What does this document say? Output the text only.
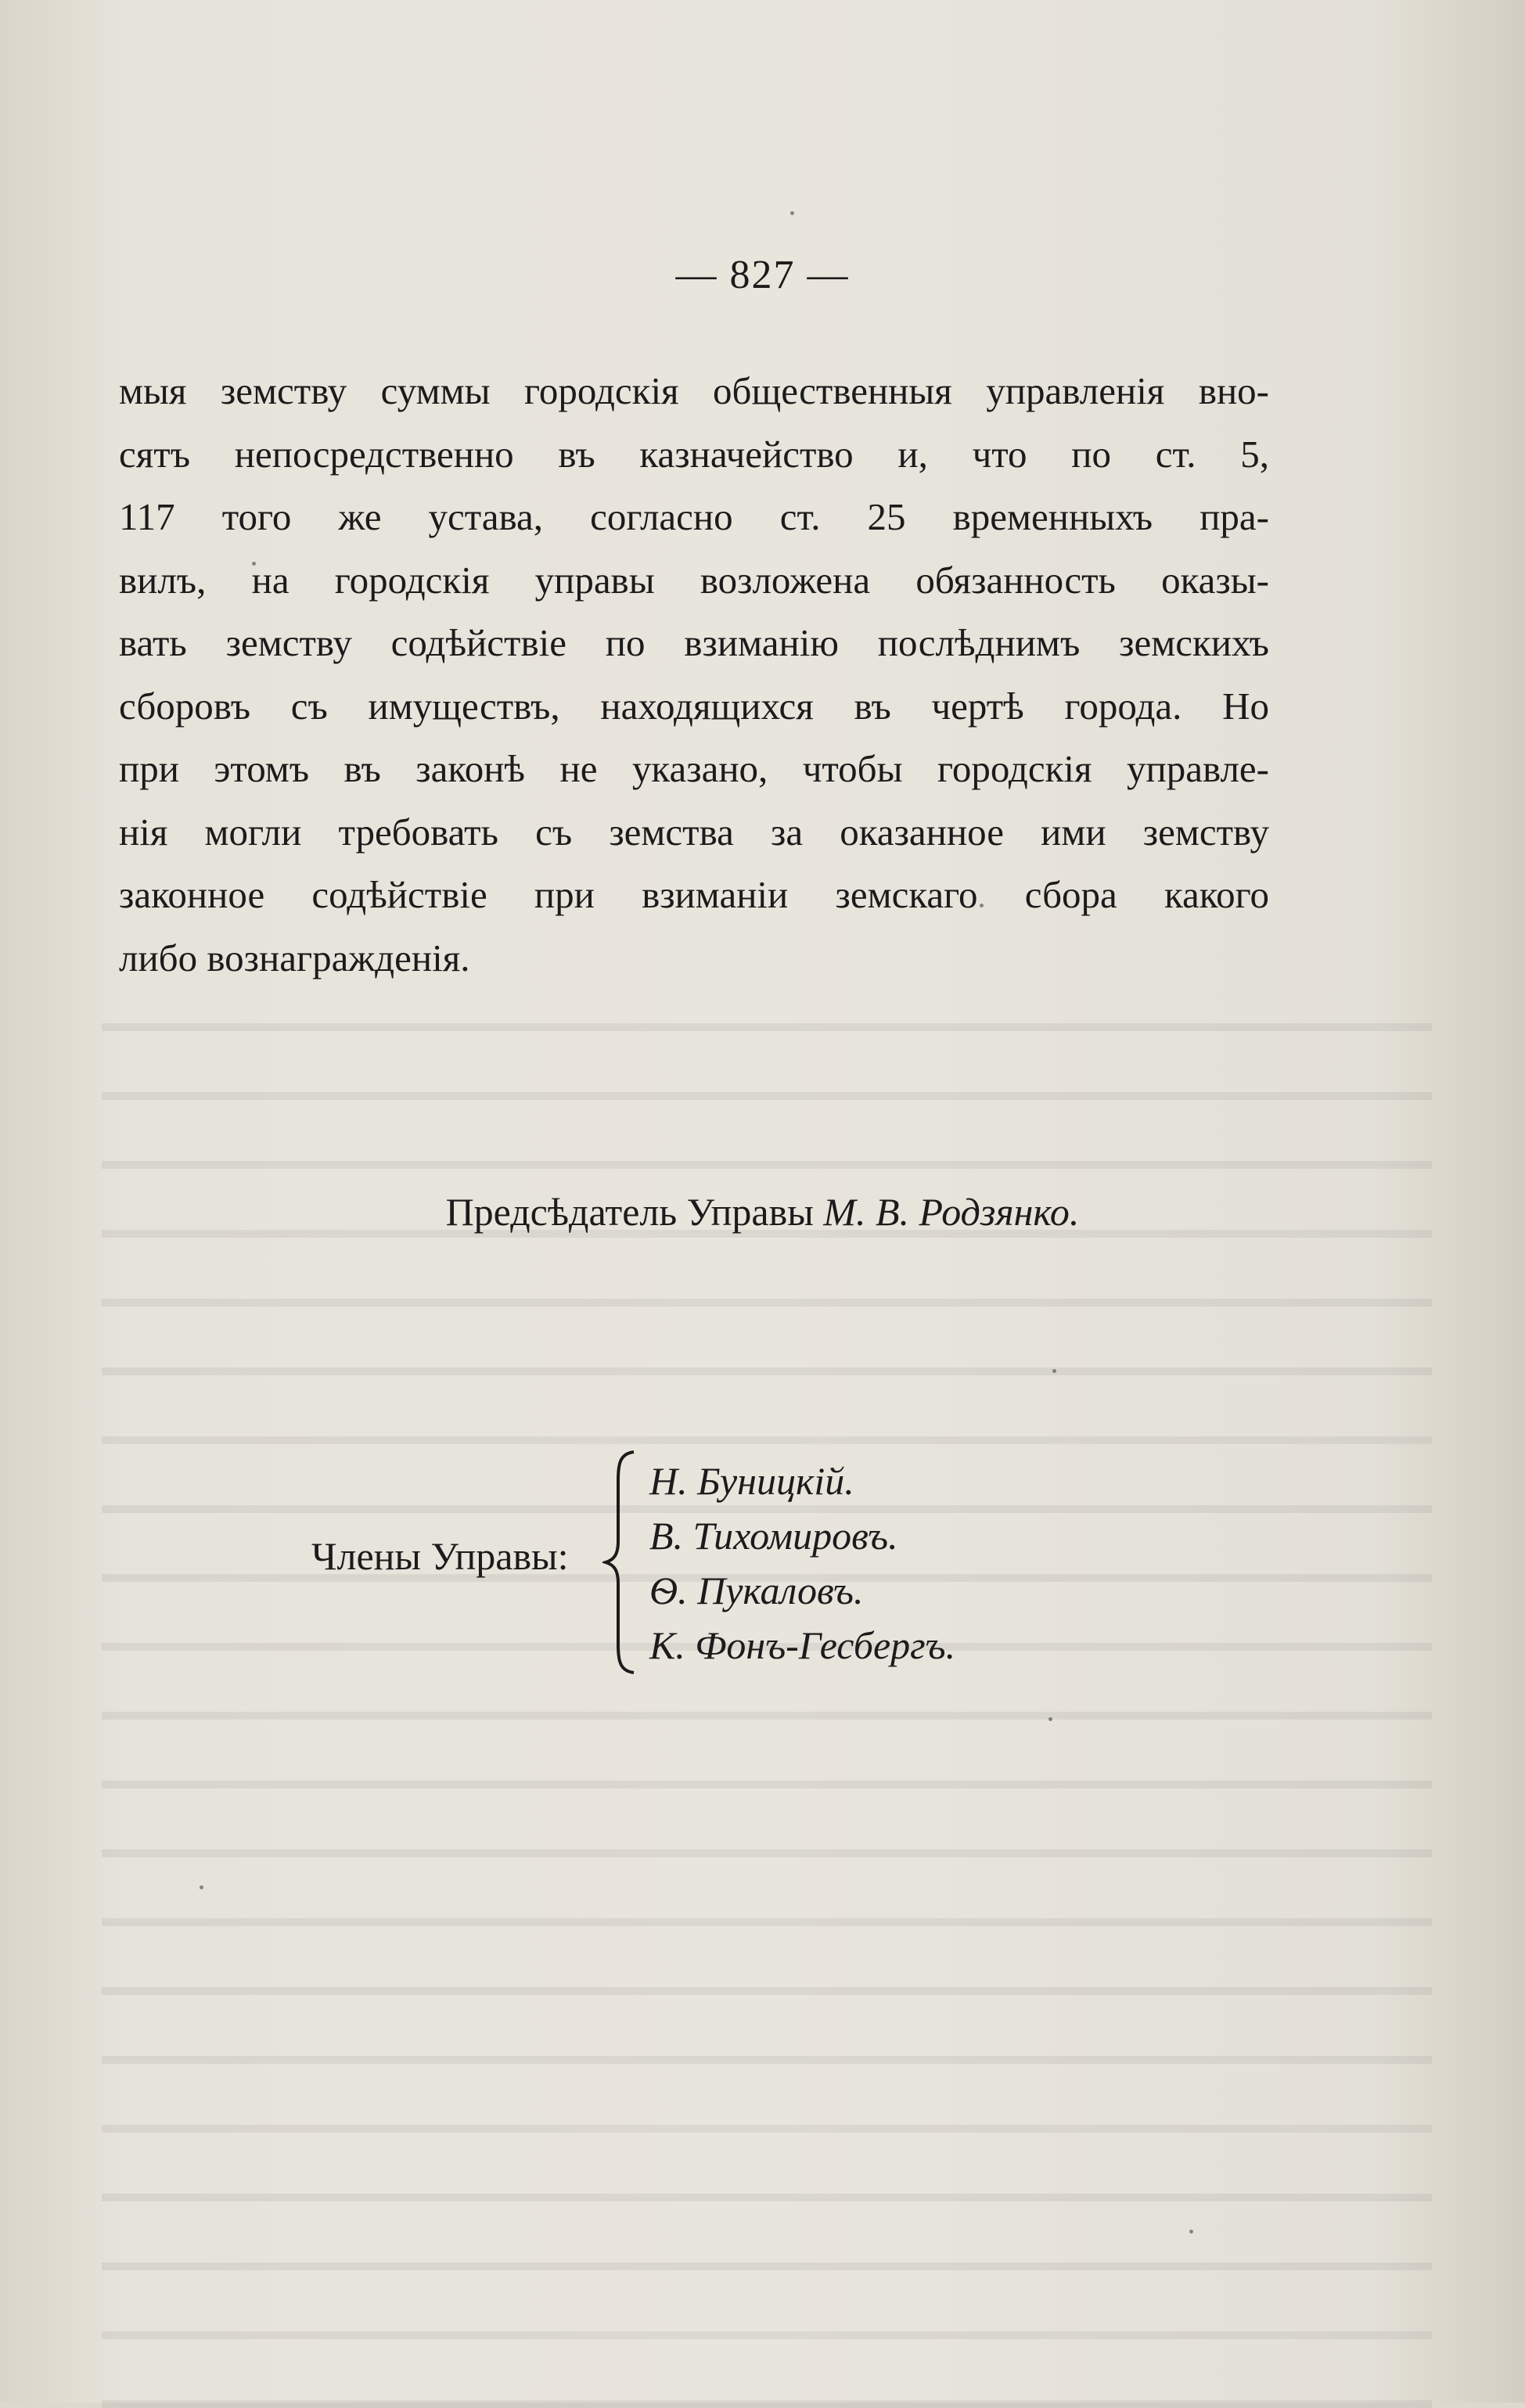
— 827 —

мыя земству суммы городскія общественныя управленія вно-
сятъ непосредственно въ казначейство и, что по ст. 5,
117 того же устава, согласно ст. 25 временныхъ пра-
вилъ, на городскія управы возложена обязанность оказы-
вать земству содѣйствіе по взиманію послѣднимъ земскихъ
сборовъ съ имуществъ, находящихся въ чертѣ города. Но
при этомъ въ законѣ не указано, чтобы городскія управле-
нія могли требовать съ земства за оказанное ими земству
законное содѣйствіе при взиманіи земскаго сбора какого
либо вознагражденія.

Предсѣдатель Управы М. В. Родзянко.
Члены Управы:
Н. Буницкій.
В. Тихомировъ.
Ѳ. Пукаловъ.
К. Фонъ-Гесбергъ.
